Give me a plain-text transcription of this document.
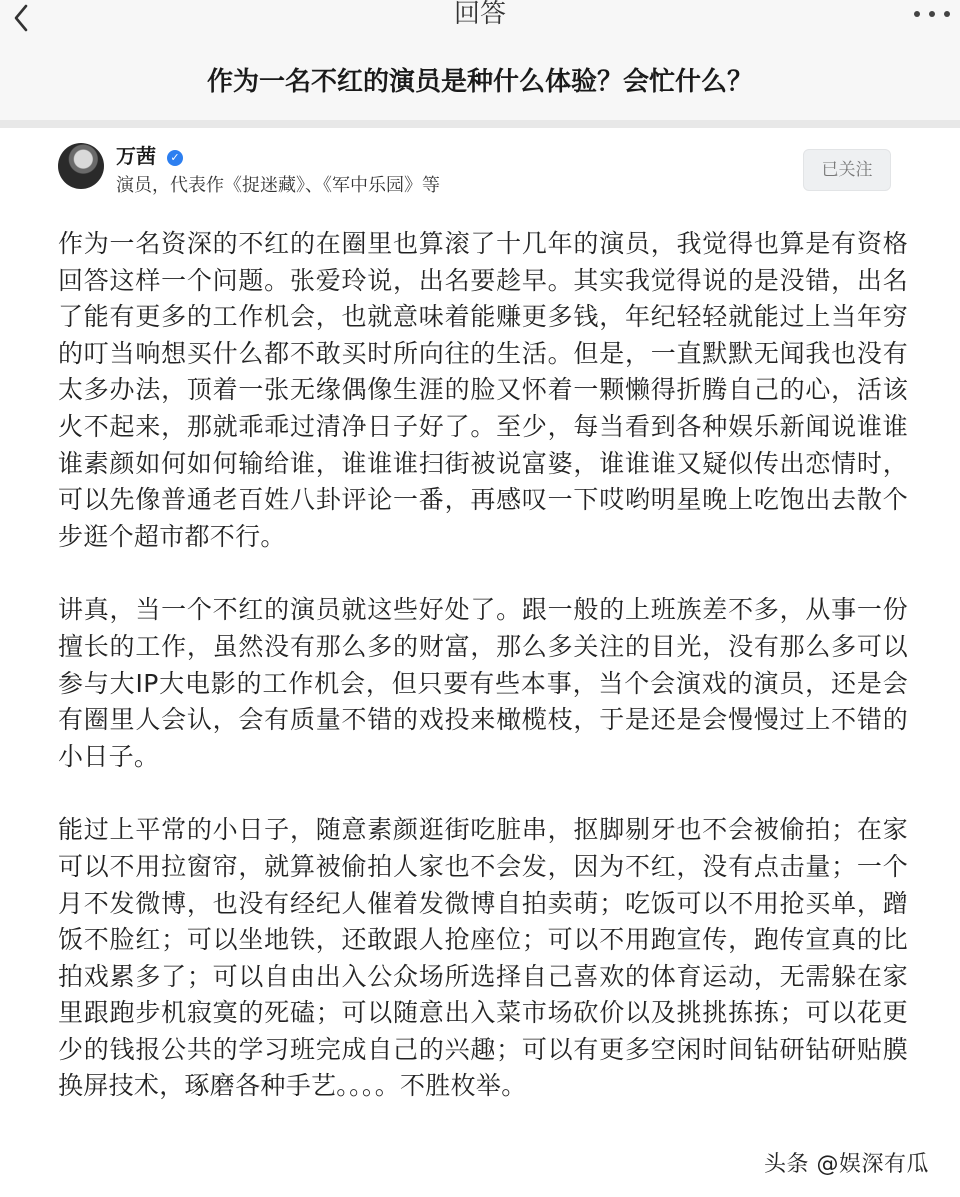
回答
作为一名不红的演员是种什么体验？会忙什么？
万茜	✓
演员，代表作《捉迷藏》、《军中乐园》等
已关注

作为一名资深的不红的在圈里也算滚了十几年的演员，我觉得也算是有资格回答这样一个问题。张爱玲说，出名要趁早。其实我觉得说的是没错，出名了能有更多的工作机会，也就意味着能赚更多钱，年纪轻轻就能过上当年穷的叮当响想买什么都不敢买时所向往的生活。但是，一直默默无闻我也没有太多办法，顶着一张无缘偶像生涯的脸又怀着一颗懒得折腾自己的心，活该火不起来，那就乖乖过清净日子好了。至少，每当看到各种娱乐新闻说谁谁谁素颜如何如何输给谁，谁谁谁扫街被说富婆，谁谁谁又疑似传出恋情时，可以先像普通老百姓八卦评论一番，再感叹一下哎哟明星晚上吃饱出去散个步逛个超市都不行。

讲真，当一个不红的演员就这些好处了。跟一般的上班族差不多，从事一份擅长的工作，虽然没有那么多的财富，那么多关注的目光，没有那么多可以参与大IP大电影的工作机会，但只要有些本事，当个会演戏的演员，还是会有圈里人会认，会有质量不错的戏投来橄榄枝，于是还是会慢慢过上不错的小日子。

能过上平常的小日子，随意素颜逛街吃脏串，抠脚剔牙也不会被偷拍；在家可以不用拉窗帘，就算被偷拍人家也不会发，因为不红，没有点击量；一个月不发微博，也没有经纪人催着发微博自拍卖萌；吃饭可以不用抢买单，蹭饭不脸红；可以坐地铁，还敢跟人抢座位；可以不用跑宣传，跑传宣真的比拍戏累多了；可以自由出入公众场所选择自己喜欢的体育运动，无需躲在家里跟跑步机寂寞的死磕；可以随意出入菜市场砍价以及挑挑拣拣；可以花更少的钱报公共的学习班完成自己的兴趣；可以有更多空闲时间钻研钻研贴膜换屏技术，琢磨各种手艺。。。。不胜枚举。

头条 @娱深有瓜
